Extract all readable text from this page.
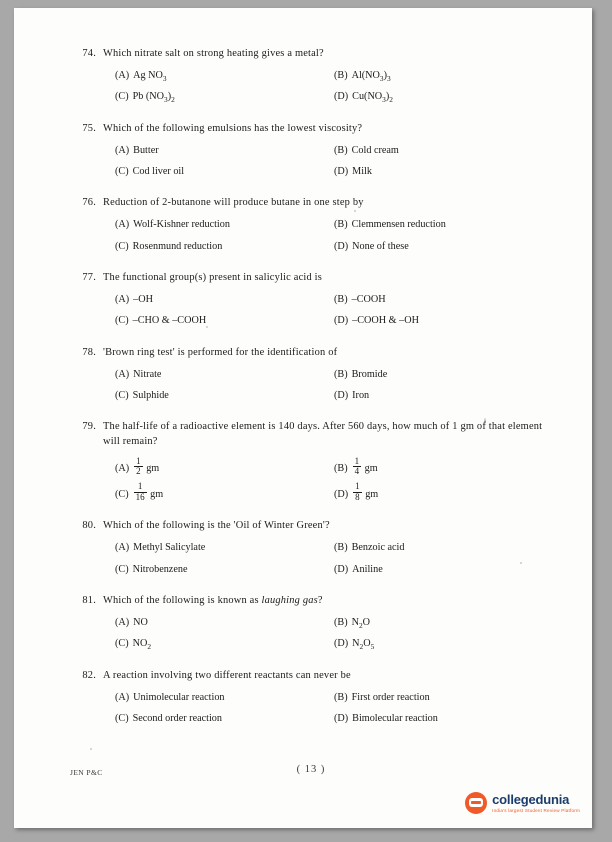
74. Which nitrate salt on strong heating gives a metal?
(A) Ag $NO_3$	(B) $Al(NO_3)_3$
(C) Pb $(NO_3)_2$	(D) $Cu(NO_3)_2$
75. Which of the following emulsions has the lowest viscosity?
(A) Butter	(B) Cold cream
(C) Cod liver oil	(D) Milk
76. Reduction of 2-butanone will produce butane in one step by
(A) Wolf-Kishner reduction	(B) Clemmensen reduction
(C) Rosenmund reduction	(D) None of these
77. The functional group(s) present in salicylic acid is
(A) –OH	(B) –COOH
(C) –CHO & –COOH	(D) –COOH & –OH
78. 'Brown ring test' is performed for the identification of
(A) Nitrate	(B) Bromide
(C) Sulphide	(D) Iron
79. The half-life of a radioactive element is 140 days. After 560 days, how much of 1 gm of that element will remain?
$(A) \frac{1}{2}$ gm	$(B) \frac{1}{4}$ gm
$(C) \frac{1}{16}$ gm	$(D) \frac{1}{8}$ gm
80. Which of the following is the 'Oil of Winter Green'?
(A) Methyl Salicylate	(B) Benzoic acid
(C) Nitrobenzene	(D) Aniline
81. Which of the following is known as laughing gas?
(A) NO	(B) $N_2O$
(C) $NO_2$	(D) $N_2O_5$
82. A reaction involving two different reactants can never be
(A) Unimolecular reaction	(B) First order reaction
(C) Second order reaction	(D) Bimolecular reaction
JEN P&C	( 13 )
collegedunia
India's largest Student Review Platform
